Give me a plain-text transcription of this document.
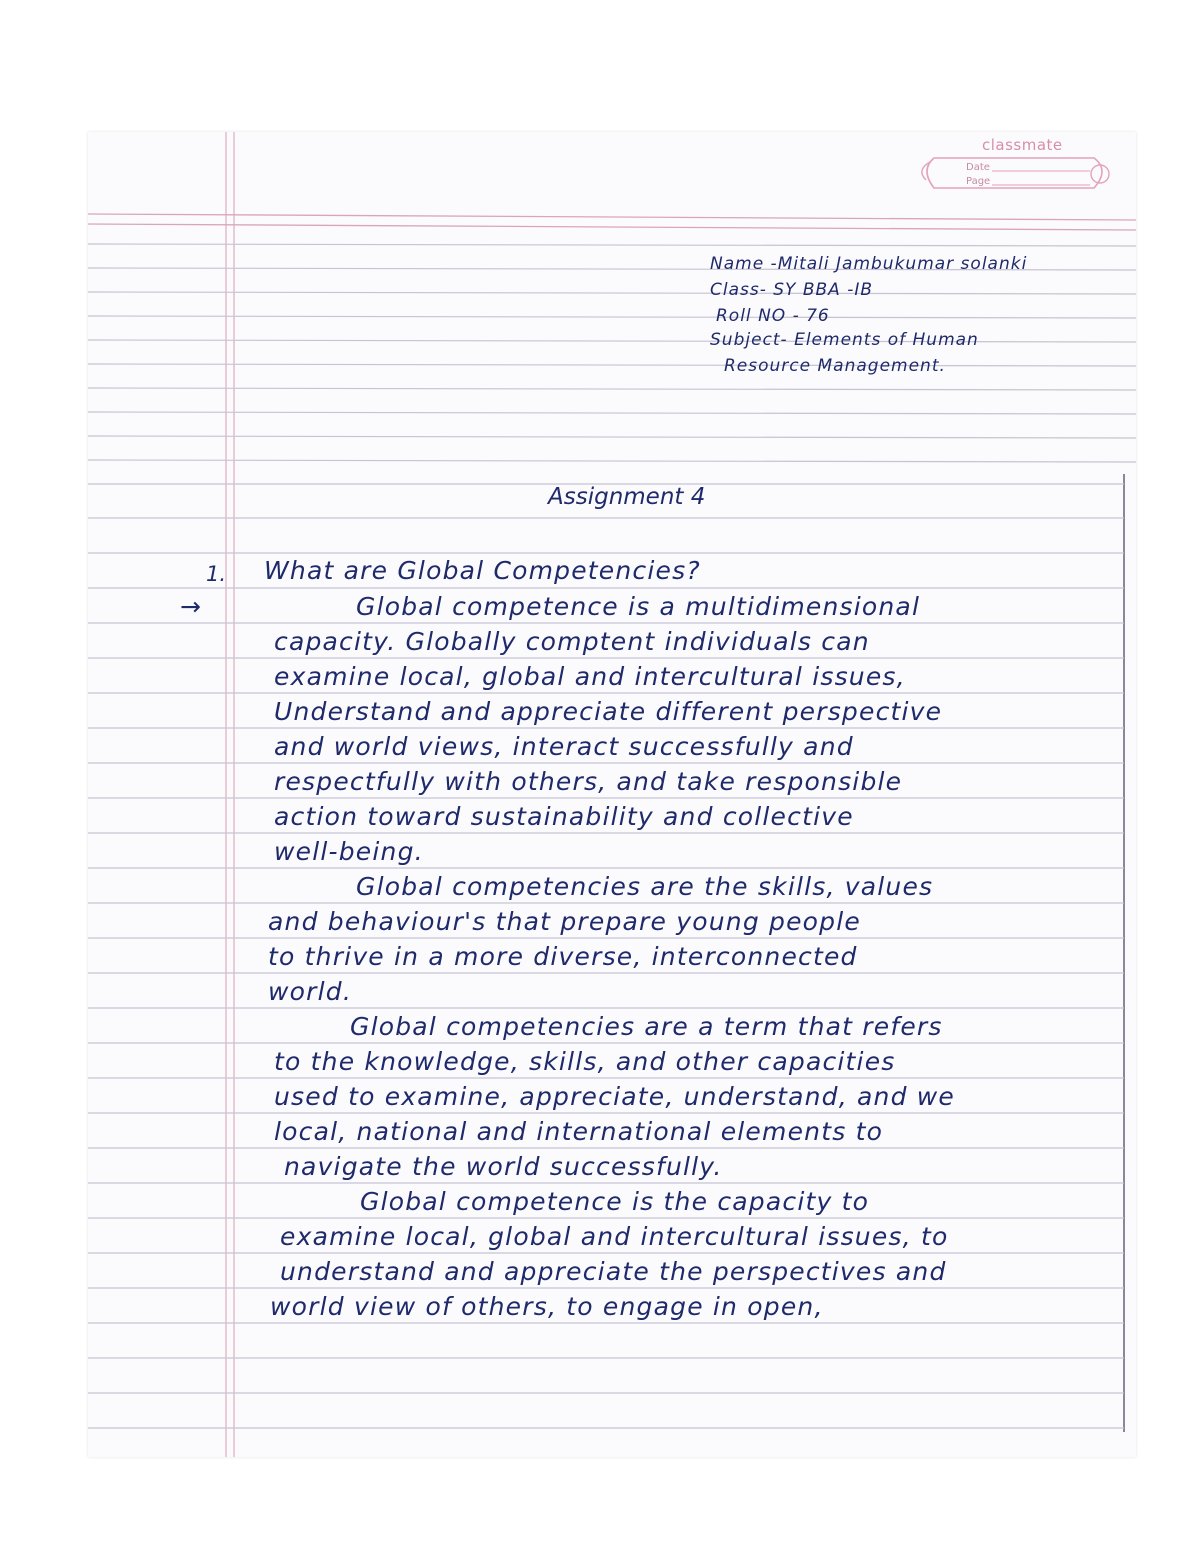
classmate
Date
Page
Name -Mitali Jambukumar solanki
Class- SY BBA -IB
Roll NO - 76
Subject- Elements of Human
Resource Management.
Assignment 4
1. What are Global Competencies?
→	Global competence is a multidimensional
capacity. Globally comptent individuals can
examine local, global and intercultural issues,
Understand and appreciate different perspective
and world views, interact successfully and
respectfully with others, and take responsible
action toward sustainability and collective
well-being.
Global competencies are the skills, values
and behaviour's that prepare young people
to thrive in a more diverse, interconnected
world.
Global competencies are a term that refers
to the knowledge, skills, and other capacities
used to examine, appreciate, understand, and we
local, national and international elements to
navigate the world successfully.
Global competence is the capacity to
examine local, global and intercultural issues, to
understand and appreciate the perspectives and
world view of others, to engage in open,
